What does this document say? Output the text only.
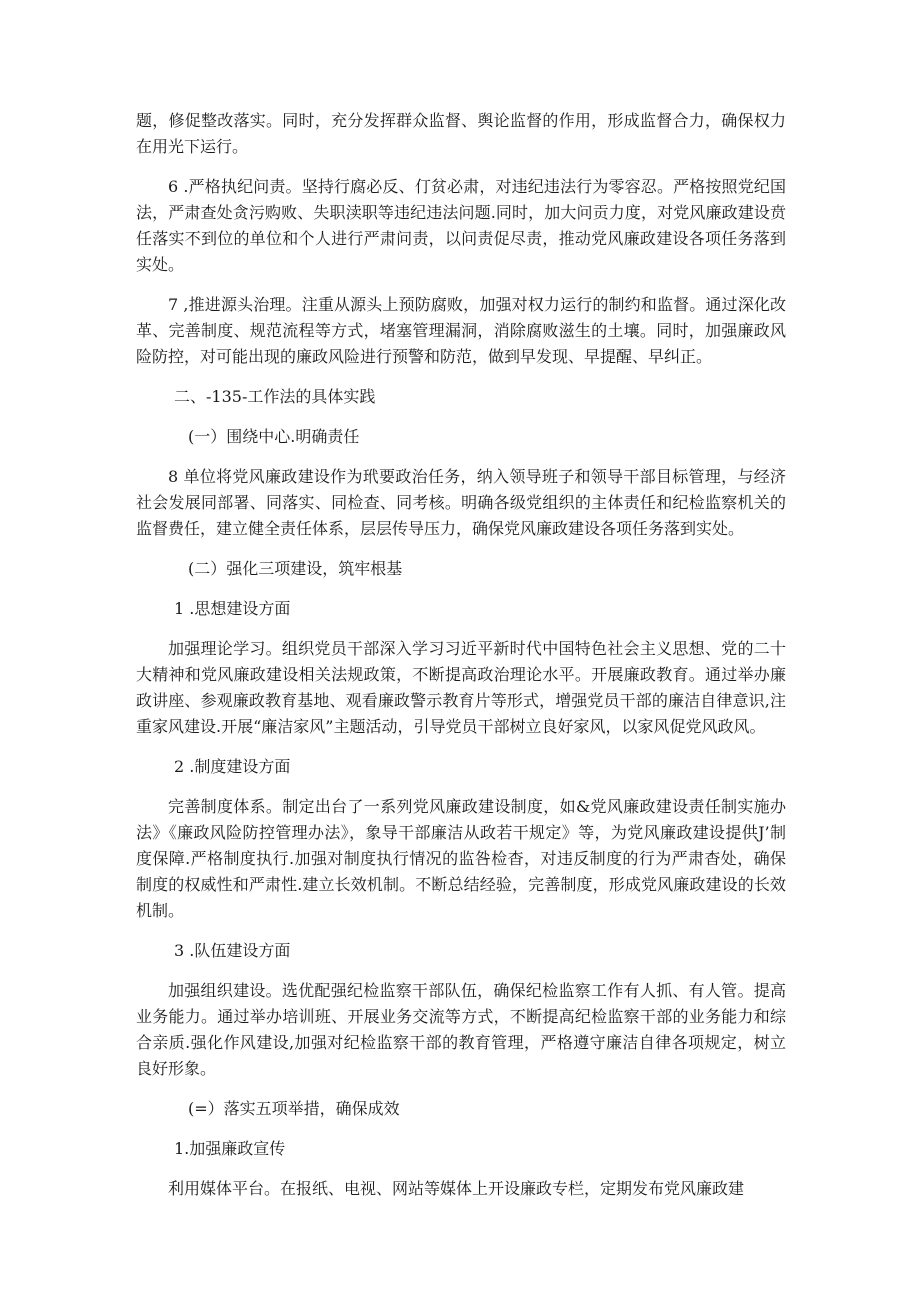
题，修促整改落实。同时，充分发挥群众监督、舆论监督的作用，形成监督合力，确保权力在用光下运行。

6 .严格执纪问责。坚持行腐必反、仃贫必肃，对违纪违法行为零容忍。严格按照党纪国法，严肃查处贪污购败、失职渎职等违纪违法问题.同时，加大问贡力度，对党风廉政建设贲任落实不到位的单位和个人进行严肃问责，以问责促尽责，推动党风廉政建设各项任务落到实处。

7 ,推进源头治理。注重从源头上预防腐败，加强对权力运行的制约和监督。通过深化改革、完善制度、规范流程等方式，堵塞管理漏洞，消除腐败滋生的土壤。同时，加强廉政风险防控，对可能出现的廉政风险进行预警和防范，做到早发现、早提醒、早纠正。

二、-135-工作法的具体实践

(一）围绕中心.明确责任

8 单位将党风廉政建设作为玳要政治任务，纳入领导班子和领导干部目标管理，与经济社会发展同部署、同落实、同检查、同考核。明确各级党组织的主体责任和纪检监察机关的监督费任，建立健全责任体系，层层传导压力，确保党风廉政建设各项任务落到实处。

(二）强化三项建设，筑牢根基

1 .思想建设方面

加强理论学习。组织党员干部深入学习习近平新时代中国特色社会主义思想、党的二十大精神和党风廉政建设相关法规政策，不断提高政治理论水平。开展廉政教育。通过举办廉政讲座、参观廉政教育基地、观看廉政警示教育片等形式，增强党员干部的廉洁自律意识,注重家风建设.开展“廉洁家风”主题活动，引导党员干部树立良好家风，以家风促党风政风。

2 .制度建设方面

完善制度体系。制定出台了一系列党风廉政建设制度，如&党风廉政建设责任制实施办法》《廉政风险防控管理办法》，象导干部廉洁从政若干规定》等，为党风廉政建设提供J’制度保障.严格制度执行.加强对制度执行情况的监咎检杳，对违反制度的行为严肃杳处，确保制度的权威性和严肃性.建立长效机制。不断总结经验，完善制度，形成党风廉政建设的长效机制。

3 .队伍建设方面

加强组织建设。选优配强纪检监察干部队伍，确保纪检监察工作有人抓、有人管。提高业务能力。通过举办培训班、开展业务交流等方式，不断提高纪检监察干部的业务能力和综合亲质.强化作风建设,加强对纪检监察干部的教育管理，严格遵守廉洁自律各项规定，树立良好形象。

(=）落实五项举措，确保成效

1.加强廉政宣传

利用媒体平台。在报纸、电视、网站等媒体上开设廉政专栏，定期发布党风廉政建
